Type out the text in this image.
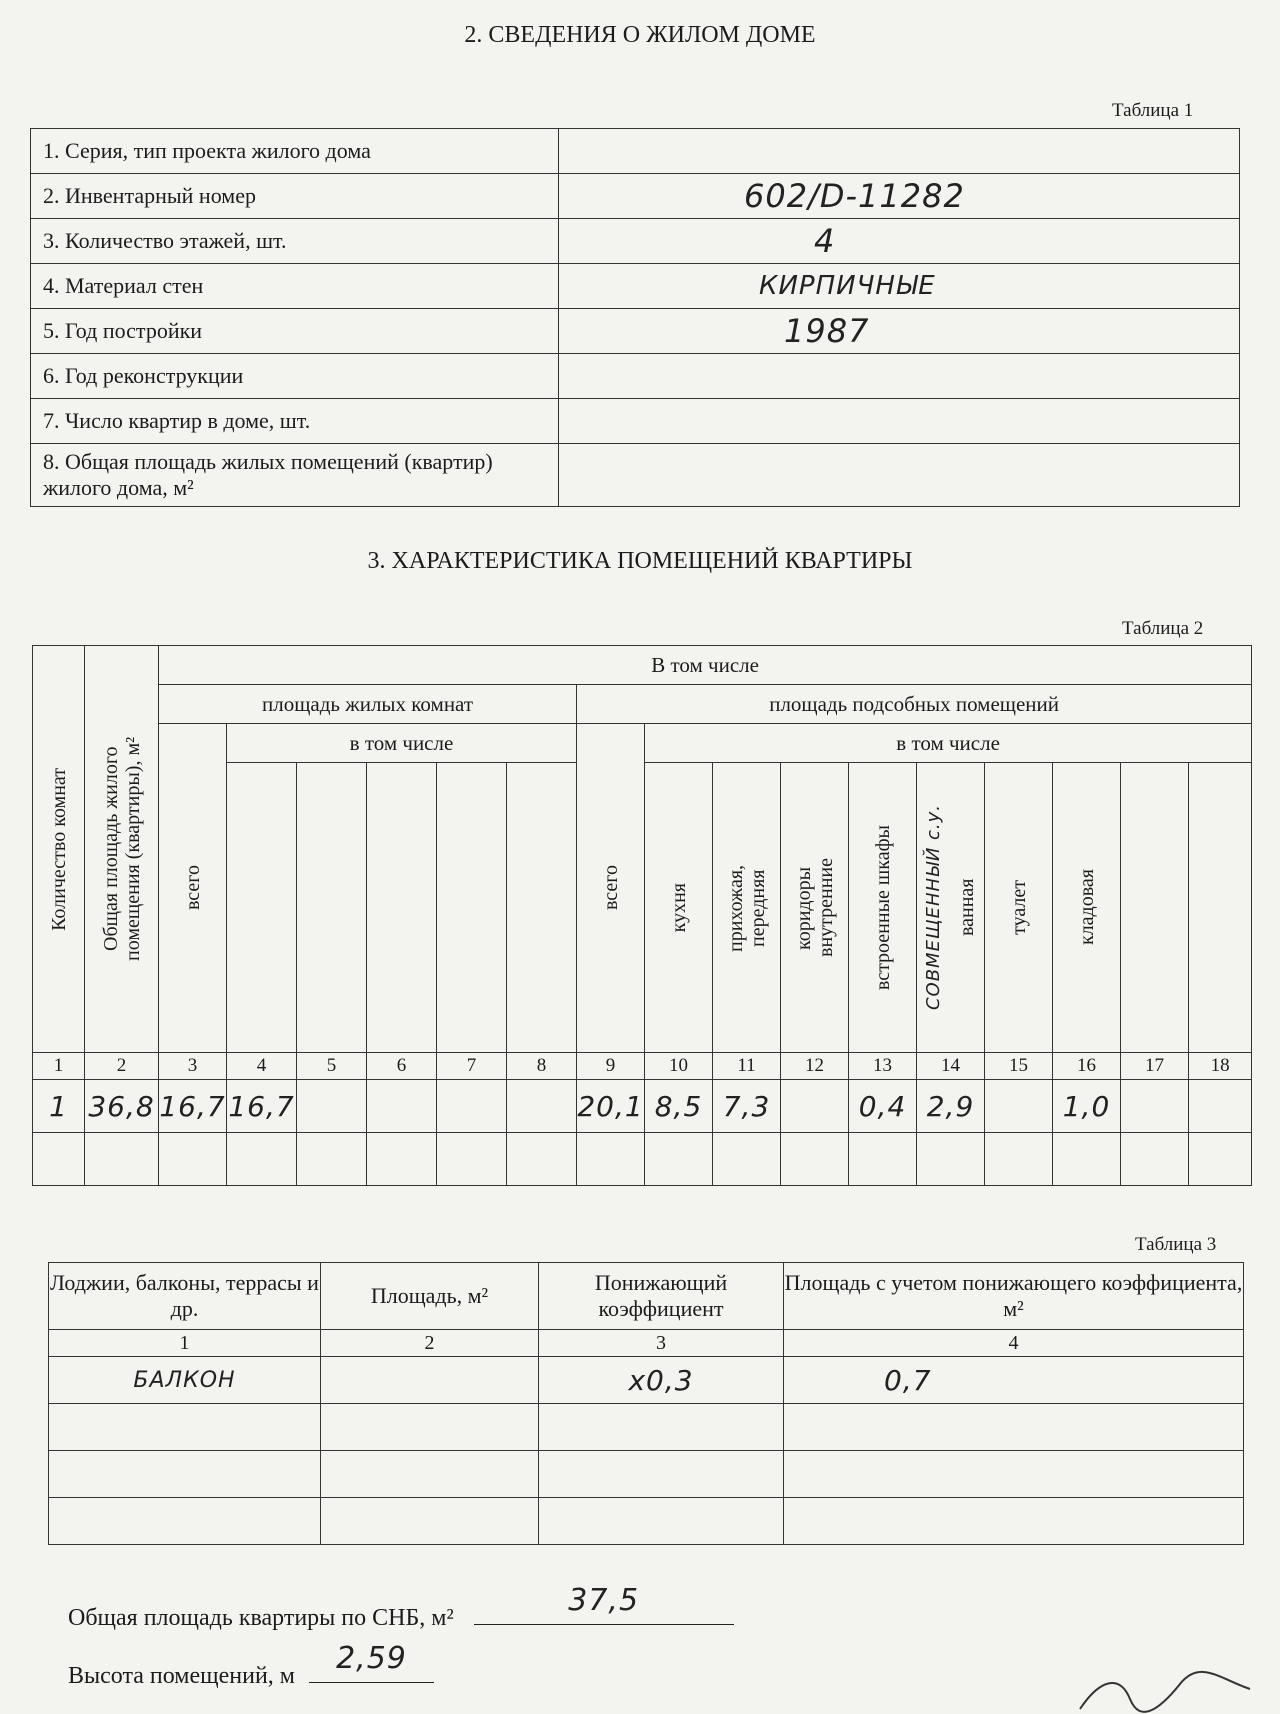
2. СВЕДЕНИЯ О ЖИЛОМ ДОМЕ
Таблица 1
1. Серия, тип проекта жилого дома	
2. Инвентарный номер	602/D-11282
3. Количество этажей, шт.	4
4. Материал стен	КИРПИЧНЫЕ
5. Год постройки	1987
6. Год реконструкции	
7. Число квартир в доме, шт.	
8. Общая площадь жилых помещений (квартир) жилого дома, м²	
3. ХАРАКТЕРИСТИКА ПОМЕЩЕНИЙ КВАРТИРЫ
Таблица 2
Количество комнат	Общая площадь жилого помещения (квартиры), м²	В том числе															
		площадь жилых комнат						площадь подсобных помещений									

		всего	в том числе					всего	в том числе								

									кухня	прихожая, передняя	коридоры внутренние	встроенные шкафы	СОВМЕЩЕННЫЙ с.у. ванная	туалет	кладовая		

1	2	3	4	5	6	7	8	9	10	11	12	13	14	15	16	17	18
1	36,8	16,7	16,7					20,1	8,5	7,3		0,4	2,9		1,0		

Таблица 3
Лоджии, балконы, террасы и др.	Площадь, м²	Понижающий коэффициент	Площадь с учетом понижающего коэффициента, м²
1	2	3	4
БАЛКОН		х0,3	0,7

Общая площадь квартиры по СНБ, м²	37,5
Высота помещений, м	2,59
